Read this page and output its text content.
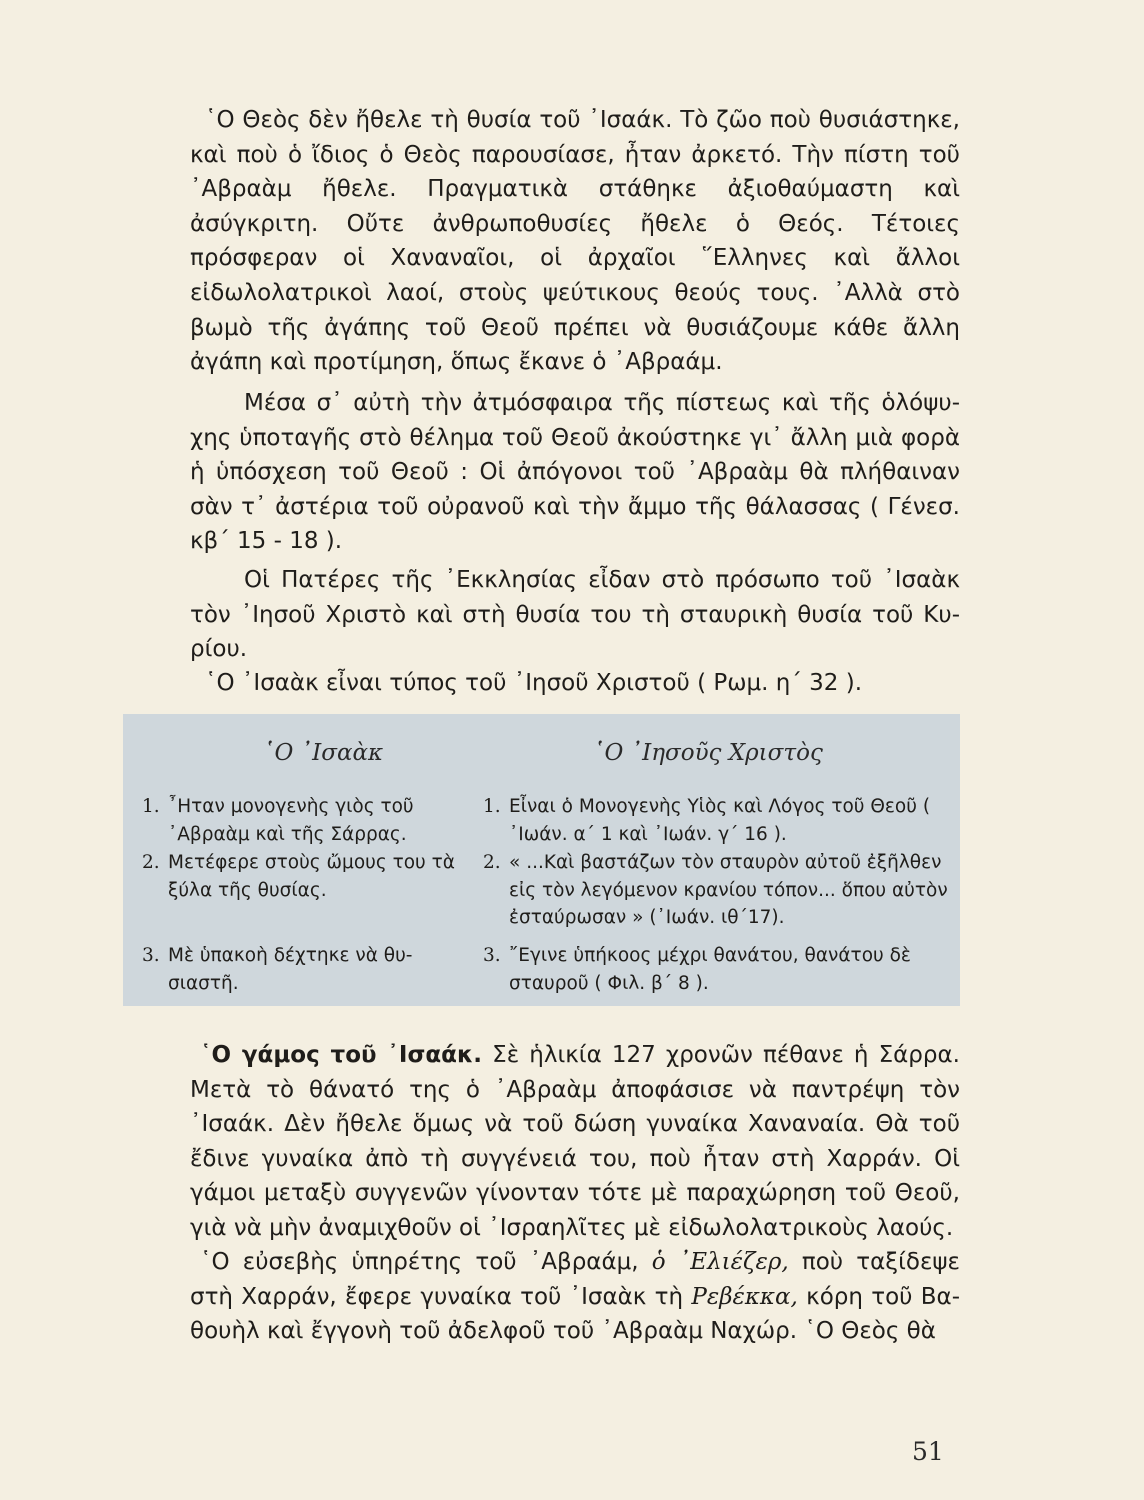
῾Ο Θεὸς δὲν ἤθελε τὴ θυσία τοῦ ᾿Ισαάκ. Τὸ ζῶο ποὺ θυσιάστηκε, καὶ ποὺ ὁ ἴδιος ὁ Θεὸς παρουσίασε, ἦταν ἀρκετό. Τὴν πίστη τοῦ ᾿Αβραὰμ ἤθελε. Πραγματικὰ στάθηκε ἀξιοθαύμαστη καὶ ἀσύγκριτη. Οὔτε ἀνθρωποθυσίες ἤθελε ὁ Θεός. Τέτοιες πρόσφεραν οἱ Χαναναῖοι, οἱ ἀρχαῖοι ῞Ελληνες καὶ ἄλλοι εἰδωλολατρικοὶ λαοί, στοὺς ψεύτικους θεούς τους. ᾿Αλλὰ στὸ βωμὸ τῆς ἀγάπης τοῦ Θεοῦ πρέπει νὰ θυσιάζουμε κάθε ἄλλη ἀγάπη καὶ προτίμηση, ὅπως ἔκανε ὁ ᾿Αβραάμ.

Μέσα σ᾿ αὐτὴ τὴν ἀτμόσφαιρα τῆς πίστεως καὶ τῆς ὁλόψυχης ὑποταγῆς στὸ θέλημα τοῦ Θεοῦ ἀκούστηκε γι᾿ ἄλλη μιὰ φορὰ ἡ ὑπόσχεση τοῦ Θεοῦ : Οἱ ἀπόγονοι τοῦ ᾿Αβραὰμ θὰ πλήθαιναν σὰν τ᾿ ἀστέρια τοῦ οὐρανοῦ καὶ τὴν ἄμμο τῆς θάλασσας ( Γένεσ. κβ΄ 15 - 18 ).

Οἱ Πατέρες τῆς ᾿Εκκλησίας εἶδαν στὸ πρόσωπο τοῦ ᾿Ισαὰκ τὸν ᾿Ιησοῦ Χριστὸ καὶ στὴ θυσία του τὴ σταυρικὴ θυσία τοῦ Κυρίου.

῾Ο ᾿Ισαὰκ εἶναι τύπος τοῦ ᾿Ιησοῦ Χριστοῦ ( Ρωμ. η΄ 32 ).

῾Ο ᾿Ισαὰκ	῾Ο ᾿Ιησοῦς Χριστὸς

1. ῏Ηταν μονογενὴς γιὸς τοῦ ᾿Αβραὰμ καὶ τῆς Σάρρας.
2. Μετέφερε στοὺς ὤμους του τὰ ξύλα τῆς θυσίας.
3. Μὲ ὑπακοὴ δέχτηκε νὰ θυσιαστῆ.
1. Εἶναι ὁ Μονογενὴς Υἱὸς καὶ Λόγος τοῦ Θεοῦ ( ᾿Ιωάν. α΄ 1 καὶ ᾿Ιωάν. γ΄ 16 ).
2. « ...Καὶ βαστάζων τὸν σταυρὸν αὐτοῦ ἐξῆλθεν εἰς τὸν λεγόμενον κρανίου τόπον... ὅπου αὐτὸν ἐσταύρωσαν » (᾿Ιωάν. ιθ΄17).
3. ῎Εγινε ὑπήκοος μέχρι θανάτου, θανάτου δὲ σταυροῦ ( Φιλ. β΄ 8 ).

῾Ο γάμος τοῦ ᾿Ισαάκ. Σὲ ἡλικία 127 χρονῶν πέθανε ἡ Σάρρα. Μετὰ τὸ θάνατό της ὁ ᾿Αβραὰμ ἀποφάσισε νὰ παντρέψη τὸν ᾿Ισαάκ. Δὲν ἤθελε ὅμως νὰ τοῦ δώση γυναίκα Χαναναία. Θὰ τοῦ ἔδινε γυναίκα ἀπὸ τὴ συγγένειά του, ποὺ ἦταν στὴ Χαρράν. Οἱ γάμοι μεταξὺ συγγενῶν γίνονταν τότε μὲ παραχώρηση τοῦ Θεοῦ, γιὰ νὰ μὴν ἀναμιχθοῦν οἱ ᾿Ισραηλῖτες μὲ εἰδωλολατρικοὺς λαούς.

῾Ο εὐσεβὴς ὑπηρέτης τοῦ ᾿Αβραάμ, ὁ ᾿Ελιέζερ, ποὺ ταξίδεψε στὴ Χαρράν, ἔφερε γυναίκα τοῦ ᾿Ισαὰκ τὴ Ρεβέκκα, κόρη τοῦ Βαθουὴλ καὶ ἔγγονὴ τοῦ ἀδελφοῦ τοῦ ᾿Αβραὰμ Ναχώρ. ῾Ο Θεὸς θὰ

51
